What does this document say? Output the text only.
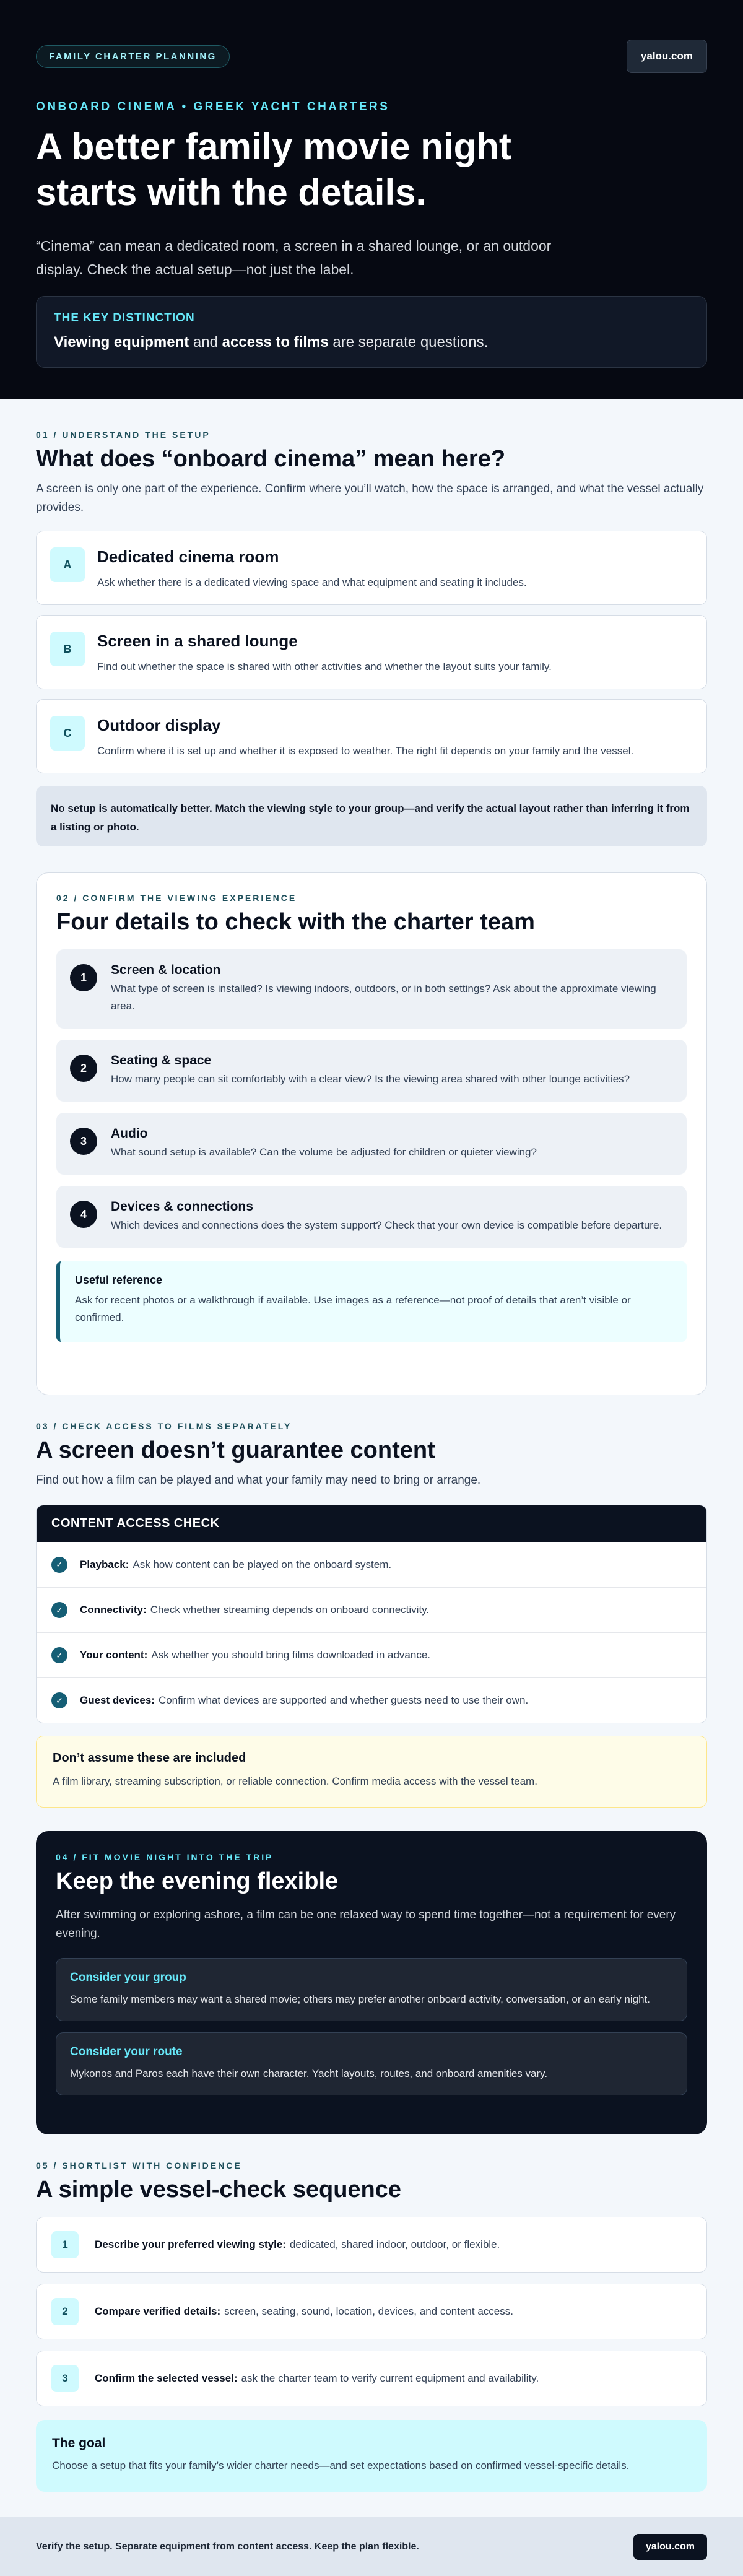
FAMILY CHARTER PLANNING	yalou.com
ONBOARD CINEMA • GREEK YACHT CHARTERS
A better family movie night starts with the details.

“Cinema” can mean a dedicated room, a screen in a shared lounge, or an outdoor display. Check the actual setup—not just the label.

THE KEY DISTINCTION
Viewing equipment and access to films are separate questions.
01 / UNDERSTAND THE SETUP
What does “onboard cinema” mean here?

A screen is only one part of the experience. Confirm where you’ll watch, how the space is arranged, and what the vessel actually provides.

A	Dedicated cinema room
Ask whether there is a dedicated viewing space and what equipment and seating it includes.
B	Screen in a shared lounge
Find out whether the space is shared with other activities and whether the layout suits your family.
C	Outdoor display
Confirm where it is set up and whether it is exposed to weather. The right fit depends on your family and the vessel.
No setup is automatically better. Match the viewing style to your group—and verify the actual layout rather than inferring it from a listing or photo.
02 / CONFIRM THE VIEWING EXPERIENCE
Four details to check with the charter team
1
Screen & location
What type of screen is installed? Is viewing indoors, outdoors, or in both settings? Ask about the approximate viewing area.
2
Seating & space
How many people can sit comfortably with a clear view? Is the viewing area shared with other lounge activities?
3
Audio
What sound setup is available? Can the volume be adjusted for children or quieter viewing?
4
Devices & connections
Which devices and connections does the system support? Check that your own device is compatible before departure.
Useful reference
Ask for recent photos or a walkthrough if available. Use images as a reference—not proof of details that aren’t visible or confirmed.
03 / CHECK ACCESS TO FILMS SEPARATELY
A screen doesn’t guarantee content

Find out how a film can be played and what your family may need to bring or arrange.

CONTENT ACCESS CHECK
✓	Playback: Ask how content can be played on the onboard system.
✓	Connectivity: Check whether streaming depends on onboard connectivity.
✓	Your content: Ask whether you should bring films downloaded in advance.
✓	Guest devices: Confirm what devices are supported and whether guests need to use their own.
Don’t assume these are included
A film library, streaming subscription, or reliable connection. Confirm media access with the vessel team.
04 / FIT MOVIE NIGHT INTO THE TRIP
Keep the evening flexible

After swimming or exploring ashore, a film can be one relaxed way to spend time together—not a requirement for every evening.

Consider your group
Some family members may want a shared movie; others may prefer another onboard activity, conversation, or an early night.
Consider your route
Mykonos and Paros each have their own character. Yacht layouts, routes, and onboard amenities vary.
05 / SHORTLIST WITH CONFIDENCE
A simple vessel-check sequence
1	Describe your preferred viewing style: dedicated, shared indoor, outdoor, or flexible.
2	Compare verified details: screen, seating, sound, location, devices, and content access.
3	Confirm the selected vessel: ask the charter team to verify current equipment and availability.
The goal
Choose a setup that fits your family’s wider charter needs—and set expectations based on confirmed vessel-specific details.
Verify the setup. Separate equipment from content access. Keep the plan flexible.	yalou.com
